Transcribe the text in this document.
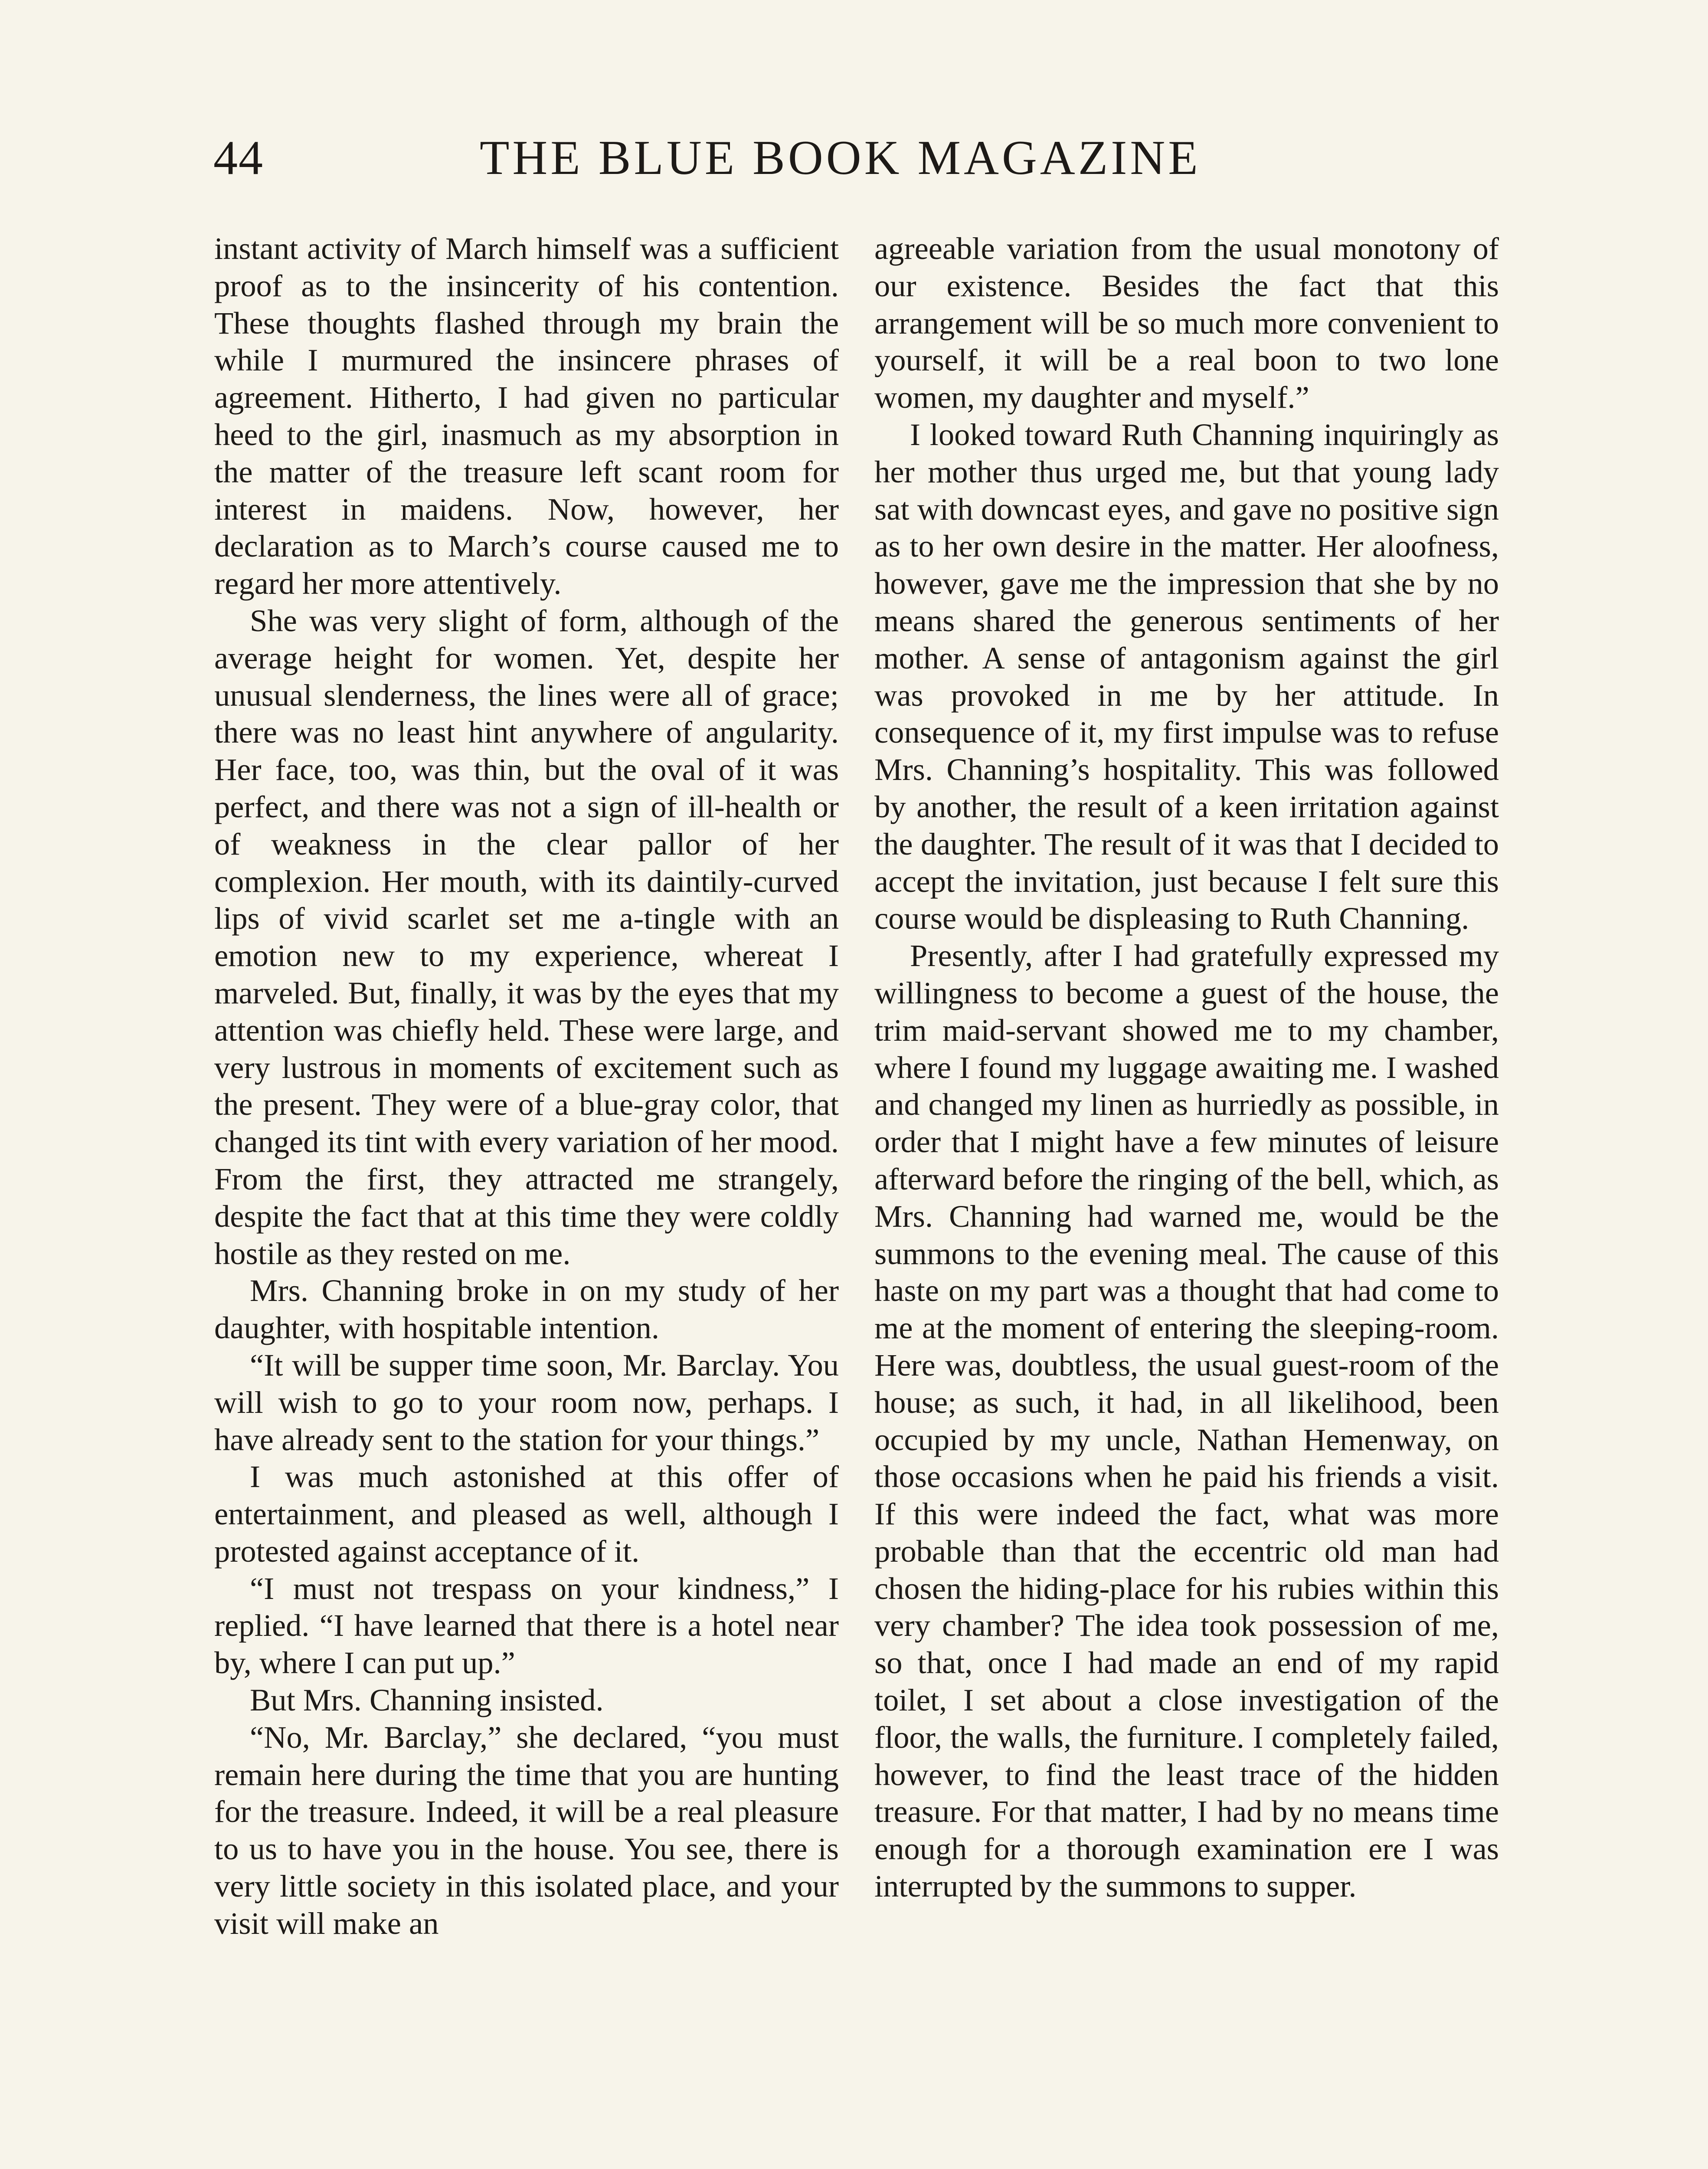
44	THE BLUE BOOK MAGAZINE

instant activity of March himself was a sufficient proof as to the insincerity of his contention. These thoughts flashed through my brain the while I murmured the insincere phrases of agreement. Hitherto, I had given no particular heed to the girl, inasmuch as my absorption in the matter of the treasure left scant room for interest in maidens. Now, however, her declaration as to March’s course caused me to regard her more attentively.

She was very slight of form, although of the average height for women. Yet, despite her unusual slenderness, the lines were all of grace; there was no least hint anywhere of angularity. Her face, too, was thin, but the oval of it was perfect, and there was not a sign of ill-health or of weakness in the clear pallor of her complexion. Her mouth, with its daintily-curved lips of vivid scarlet set me a-tingle with an emotion new to my experience, whereat I marveled. But, finally, it was by the eyes that my attention was chiefly held. These were large, and very lustrous in moments of excitement such as the present. They were of a blue-gray color, that changed its tint with every variation of her mood. From the first, they attracted me strangely, despite the fact that at this time they were coldly hostile as they rested on me.

Mrs. Channing broke in on my study of her daughter, with hospitable intention.

“It will be supper time soon, Mr. Barclay. You will wish to go to your room now, perhaps. I have already sent to the station for your things.”

I was much astonished at this offer of entertainment, and pleased as well, although I protested against acceptance of it.

“I must not trespass on your kindness,” I replied. “I have learned that there is a hotel near by, where I can put up.”

But Mrs. Channing insisted.

“No, Mr. Barclay,” she declared, “you must remain here during the time that you are hunting for the treasure. Indeed, it will be a real pleasure to us to have you in the house. You see, there is very little society in this isolated place, and your visit will make an

agreeable variation from the usual monotony of our existence. Besides the fact that this arrangement will be so much more convenient to yourself, it will be a real boon to two lone women, my daughter and myself.”

I looked toward Ruth Channing inquiringly as her mother thus urged me, but that young lady sat with downcast eyes, and gave no positive sign as to her own desire in the matter. Her aloofness, however, gave me the impression that she by no means shared the generous sentiments of her mother. A sense of antagonism against the girl was provoked in me by her attitude. In consequence of it, my first impulse was to refuse Mrs. Channing’s hospitality. This was followed by another, the result of a keen irritation against the daughter. The result of it was that I decided to accept the invitation, just because I felt sure this course would be displeasing to Ruth Channing.

Presently, after I had gratefully expressed my willingness to become a guest of the house, the trim maid-servant showed me to my chamber, where I found my luggage awaiting me. I washed and changed my linen as hurriedly as possible, in order that I might have a few minutes of leisure afterward before the ringing of the bell, which, as Mrs. Channing had warned me, would be the summons to the evening meal. The cause of this haste on my part was a thought that had come to me at the moment of entering the sleeping-room. Here was, doubtless, the usual guest-room of the house; as such, it had, in all likelihood, been occupied by my uncle, Nathan Hemenway, on those occasions when he paid his friends a visit. If this were indeed the fact, what was more probable than that the eccentric old man had chosen the hiding-place for his rubies within this very chamber? The idea took possession of me, so that, once I had made an end of my rapid toilet, I set about a close investigation of the floor, the walls, the furniture. I completely failed, however, to find the least trace of the hidden treasure. For that matter, I had by no means time enough for a thorough examination ere I was interrupted by the summons to supper.
